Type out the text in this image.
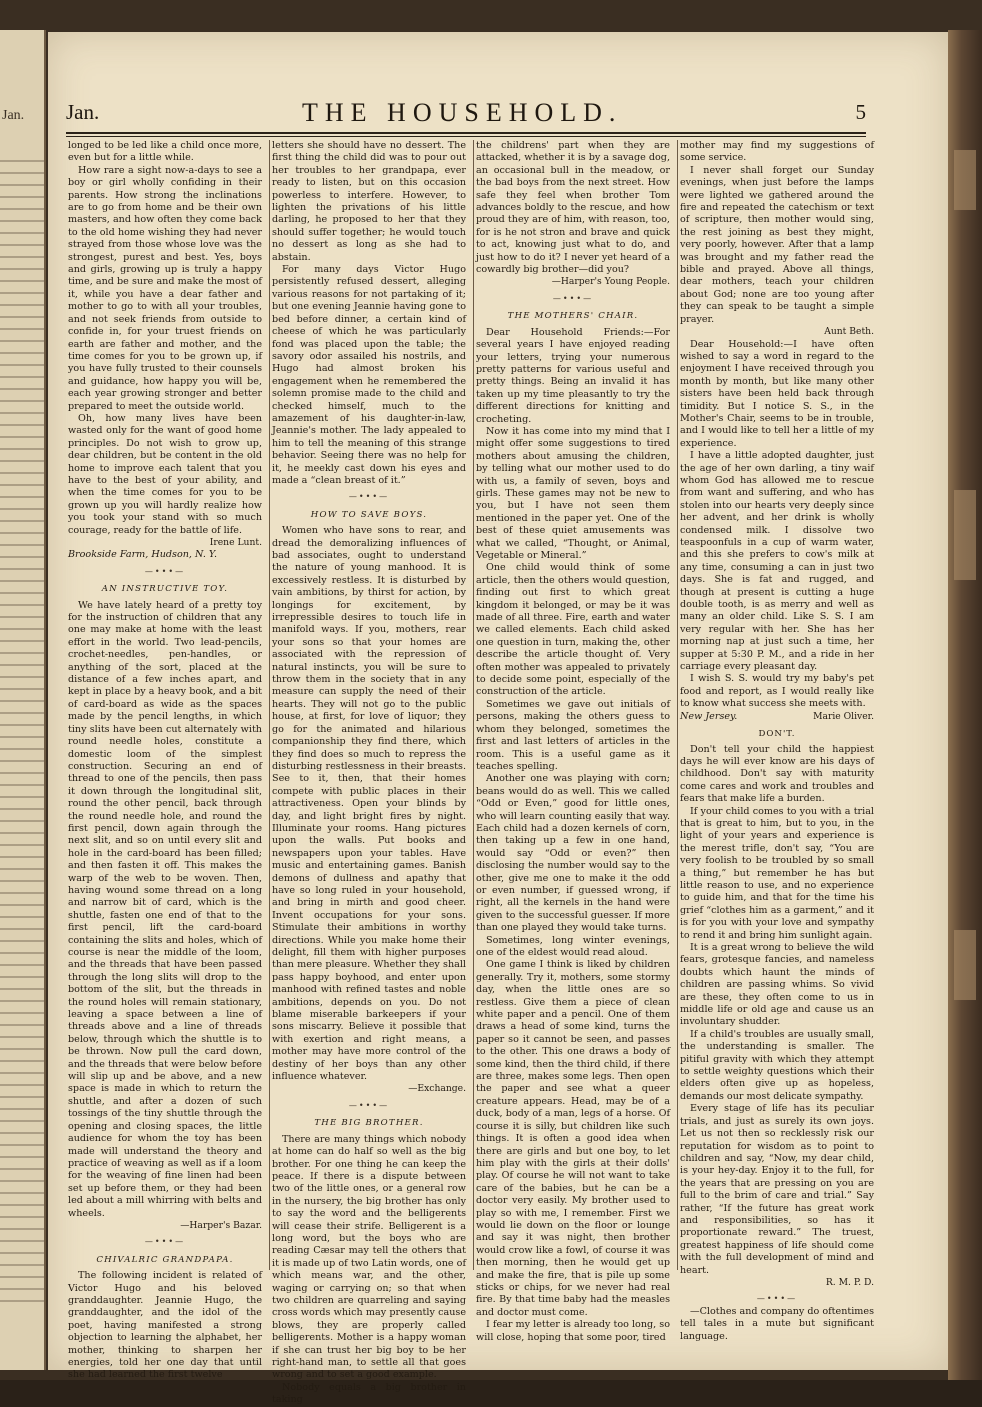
Jan. Jan.	THE HOUSEHOLD.	5

longed to be led like a child once more, even but for a little while.

How rare a sight now-a-days to see a boy or girl wholly confiding in their parents. How strong the inclinations are to go from home and be their own masters, and how often they come back to the old home wishing they had never strayed from those whose love was the strongest, purest and best. Yes, boys and girls, growing up is truly a happy time, and be sure and make the most of it, while you have a dear father and mother to go to with all your troubles, and not seek friends from outside to confide in, for your truest friends on earth are father and mother, and the time comes for you to be grown up, if you have fully trusted to their counsels and guidance, how happy you will be, each year growing stronger and better prepared to meet the outside world.

Oh, how many lives have been wasted only for the want of good home principles. Do not wish to grow up, dear children, but be content in the old home to improve each talent that you have to the best of your ability, and when the time comes for you to be grown up you will hardly realize how you took your stand with so much courage, ready for the battle of life.

Irene Lunt.
Brookside Farm, Hudson, N. Y.
—•••—
AN INSTRUCTIVE TOY.

We have lately heard of a pretty toy for the instruction of children that any one may make at home with the least effort in the world. Two lead-pencils, crochet-needles, pen-handles, or anything of the sort, placed at the distance of a few inches apart, and kept in place by a heavy book, and a bit of card-board as wide as the spaces made by the pencil lengths, in which tiny slits have been cut alternately with round needle holes, constitute a domestic loom of the simplest construction. Securing an end of thread to one of the pencils, then pass it down through the longitudinal slit, round the other pencil, back through the round needle hole, and round the first pencil, down again through the next slit, and so on until every slit and hole in the card-board has been filled; and then fasten it off. This makes the warp of the web to be woven. Then, having wound some thread on a long and narrow bit of card, which is the shuttle, fasten one end of that to the first pencil, lift the card-board containing the slits and holes, which of course is near the middle of the loom, and the threads that have been passed through the long slits will drop to the bottom of the slit, but the threads in the round holes will remain stationary, leaving a space between a line of threads above and a line of threads below, through which the shuttle is to be thrown. Now pull the card down, and the threads that were below before will slip up and be above, and a new space is made in which to return the shuttle, and after a dozen of such tossings of the tiny shuttle through the opening and closing spaces, the little audience for whom the toy has been made will understand the theory and practice of weaving as well as if a loom for the weaving of fine linen had been set up before them, or they had been led about a mill whirring with belts and wheels.

—Harper's Bazar.
—•••—
CHIVALRIC GRANDPAPA.

The following incident is related of Victor Hugo and his beloved granddaughter. Jeannie Hugo, the granddaughter, and the idol of the poet, having manifested a strong objection to learning the alphabet, her mother, thinking to sharpen her energies, told her one day that until she had learned the first twelve

letters she should have no dessert. The first thing the child did was to pour out her troubles to her grandpapa, ever ready to listen, but on this occasion powerless to interfere. However, to lighten the privations of his little darling, he proposed to her that they should suffer together; he would touch no dessert as long as she had to abstain.

For many days Victor Hugo persistently refused dessert, alleging various reasons for not partaking of it; but one evening Jeannie having gone to bed before dinner, a certain kind of cheese of which he was particularly fond was placed upon the table; the savory odor assailed his nostrils, and Hugo had almost broken his engagement when he remembered the solemn promise made to the child and checked himself, much to the amazement of his daughter-in-law, Jeannie's mother. The lady appealed to him to tell the meaning of this strange behavior. Seeing there was no help for it, he meekly cast down his eyes and made a “clean breast of it.”

—•••—
HOW TO SAVE BOYS.

Women who have sons to rear, and dread the demoralizing influences of bad associates, ought to understand the nature of young manhood. It is excessively restless. It is disturbed by vain ambitions, by thirst for action, by longings for excitement, by irrepressible desires to touch life in manifold ways. If you, mothers, rear your sons so that your homes are associated with the repression of natural instincts, you will be sure to throw them in the society that in any measure can supply the need of their hearts. They will not go to the public house, at first, for love of liquor; they go for the animated and hilarious companionship they find there, which they find does so much to repress the disturbing restlessness in their breasts. See to it, then, that their homes compete with public places in their attractiveness. Open your blinds by day, and light bright fires by night. Illuminate your rooms. Hang pictures upon the walls. Put books and newspapers upon your tables. Have music and entertaining games. Banish demons of dullness and apathy that have so long ruled in your household, and bring in mirth and good cheer. Invent occupations for your sons. Stimulate their ambitions in worthy directions. While you make home their delight, fill them with higher purposes than mere pleasure. Whether they shall pass happy boyhood, and enter upon manhood with refined tastes and noble ambitions, depends on you. Do not blame miserable barkeepers if your sons miscarry. Believe it possible that with exertion and right means, a mother may have more control of the destiny of her boys than any other influence whatever.

—Exchange.
—•••—
THE BIG BROTHER.

There are many things which nobody at home can do half so well as the big brother. For one thing he can keep the peace. If there is a dispute between two of the little ones, or a general row in the nursery, the big brother has only to say the word and the belligerents will cease their strife. Belligerent is a long word, but the boys who are reading Cæsar may tell the others that it is made up of two Latin words, one of which means war, and the other, waging or carrying on; so that when two children are quarreling and saying cross words which may presently cause blows, they are properly called belligerents. Mother is a happy woman if she can trust her big boy to be her right-hand man, to settle all that goes wrong and to set a good example.

Nobody equals a big brother in taking

the childrens' part when they are attacked, whether it is by a savage dog, an occasional bull in the meadow, or the bad boys from the next street. How safe they feel when brother Tom advances boldly to the rescue, and how proud they are of him, with reason, too, for is he not stron and brave and quick to act, knowing just what to do, and just how to do it? I never yet heard of a cowardly big brother—did you?

—Harper's Young People.
—•••—
THE MOTHERS' CHAIR.

Dear Household Friends:—For several years I have enjoyed reading your letters, trying your numerous pretty patterns for various useful and pretty things. Being an invalid it has taken up my time pleasantly to try the different directions for knitting and crocheting.

Now it has come into my mind that I might offer some suggestions to tired mothers about amusing the children, by telling what our mother used to do with us, a family of seven, boys and girls. These games may not be new to you, but I have not seen them mentioned in the paper yet. One of the best of these quiet amusements was what we called, “Thought, or Animal, Vegetable or Mineral.”

One child would think of some article, then the others would question, finding out first to which great kingdom it belonged, or may be it was made of all three. Fire, earth and water we called elements. Each child asked one question in turn, making the, other describe the article thought of. Very often mother was appealed to privately to decide some point, especially of the construction of the article.

Sometimes we gave out initials of persons, making the others guess to whom they belonged, sometimes the first and last letters of articles in the room. This is a useful game as it teaches spelling.

Another one was playing with corn; beans would do as well. This we called “Odd or Even,” good for little ones, who will learn counting easily that way. Each child had a dozen kernels of corn, then taking up a few in one hand, would say “Odd or even?” then disclosing the number would say to the other, give me one to make it the odd or even number, if guessed wrong, if right, all the kernels in the hand were given to the successful guesser. If more than one played they would take turns.

Sometimes, long winter evenings, one of the eldest would read aloud.

One game I think is liked by children generally. Try it, mothers, some stormy day, when the little ones are so restless. Give them a piece of clean white paper and a pencil. One of them draws a head of some kind, turns the paper so it cannot be seen, and passes to the other. This one draws a body of some kind, then the third child, if there are three, makes some legs. Then open the paper and see what a queer creature appears. Head, may be of a duck, body of a man, legs of a horse. Of course it is silly, but children like such things. It is often a good idea when there are girls and but one boy, to let him play with the girls at their dolls' play. Of course he will not want to take care of the babies, but he can be a doctor very easily. My brother used to play so with me, I remember. First we would lie down on the floor or lounge and say it was night, then brother would crow like a fowl, of course it was then morning, then he would get up and make the fire, that is pile up some sticks or chips, for we never had real fire. By that time baby had the measles and doctor must come.

I fear my letter is already too long, so will close, hoping that some poor, tired

mother may find my suggestions of some service.

I never shall forget our Sunday evenings, when just before the lamps were lighted we gathered around the fire and repeated the catechism or text of scripture, then mother would sing, the rest joining as best they might, very poorly, however. After that a lamp was brought and my father read the bible and prayed. Above all things, dear mothers, teach your children about God; none are too young after they can speak to be taught a simple prayer.

Aunt Beth.

Dear Household:—I have often wished to say a word in regard to the enjoyment I have received through you month by month, but like many other sisters have been held back through timidity. But I notice S. S., in the Mother's Chair, seems to be in trouble, and I would like to tell her a little of my experience.

I have a little adopted daughter, just the age of her own darling, a tiny waif whom God has allowed me to rescue from want and suffering, and who has stolen into our hearts very deeply since her advent, and her drink is wholly condensed milk. I dissolve two teaspoonfuls in a cup of warm water, and this she prefers to cow's milk at any time, consuming a can in just two days. She is fat and rugged, and though at present is cutting a huge double tooth, is as merry and well as many an older child. Like S. S. I am very regular with her. She has her morning nap at just such a time, her supper at 5:30 P. M., and a ride in her carriage every pleasant day.

I wish S. S. would try my baby's pet food and report, as I would really like to know what success she meets with.

New Jersey.	Marie Oliver.
DON'T.

Don't tell your child the happiest days he will ever know are his days of childhood. Don't say with maturity come cares and work and troubles and fears that make life a burden.

If your child comes to you with a trial that is great to him, but to you, in the light of your years and experience is the merest trifle, don't say, “You are very foolish to be troubled by so small a thing,” but remember he has but little reason to use, and no experience to guide him, and that for the time his grief “clothes him as a garment,” and it is for you with your love and sympathy to rend it and bring him sunlight again.

It is a great wrong to believe the wild fears, grotesque fancies, and nameless doubts which haunt the minds of children are passing whims. So vivid are these, they often come to us in middle life or old age and cause us an involuntary shudder.

If a child's troubles are usually small, the understanding is smaller. The pitiful gravity with which they attempt to settle weighty questions which their elders often give up as hopeless, demands our most delicate sympathy.

Every stage of life has its peculiar trials, and just as surely its own joys. Let us not then so recklessly risk our reputation for wisdom as to point to children and say, “Now, my dear child, is your hey-day. Enjoy it to the full, for the years that are pressing on you are full to the brim of care and trial.” Say rather, “If the future has great work and responsibilities, so has it proportionate reward.” The truest, greatest happiness of life should come with the full development of mind and heart.

R. M. P. D.
—•••—

—Clothes and company do oftentimes tell tales in a mute but significant language.
